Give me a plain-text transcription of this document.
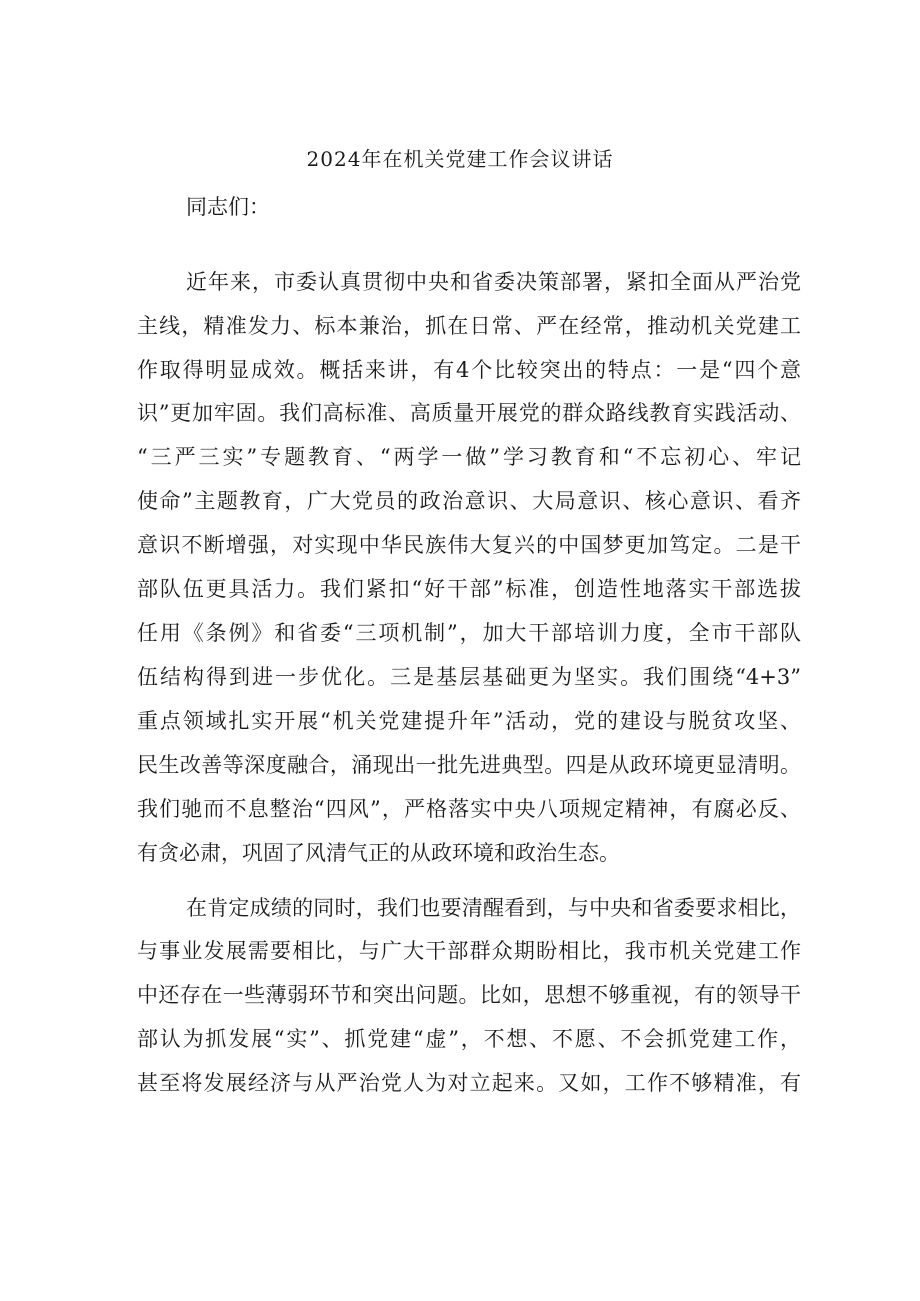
2024年在机关党建工作会议讲话
同志们：
近年来，市委认真贯彻中央和省委决策部署，紧扣全面从严治党
主线，精准发力、标本兼治，抓在日常、严在经常，推动机关党建工
作取得明显成效。概括来讲，有4个比较突出的特点：一是“四个意
识”更加牢固。我们高标准、高质量开展党的群众路线教育实践活动、
“三严三实”专题教育、“两学一做”学习教育和“不忘初心、牢记
使命”主题教育，广大党员的政治意识、大局意识、核心意识、看齐
意识不断增强，对实现中华民族伟大复兴的中国梦更加笃定。二是干
部队伍更具活力。我们紧扣“好干部”标准，创造性地落实干部选拔
任用《条例》和省委“三项机制”，加大干部培训力度，全市干部队
伍结构得到进一步优化。三是基层基础更为坚实。我们围绕“4+3”
重点领域扎实开展“机关党建提升年”活动，党的建设与脱贫攻坚、
民生改善等深度融合，涌现出一批先进典型。四是从政环境更显清明。
我们驰而不息整治“四风”，严格落实中央八项规定精神，有腐必反、
有贪必肃，巩固了风清气正的从政环境和政治生态。
在肯定成绩的同时，我们也要清醒看到，与中央和省委要求相比，
与事业发展需要相比，与广大干部群众期盼相比，我市机关党建工作
中还存在一些薄弱环节和突出问题。比如，思想不够重视，有的领导干
部认为抓发展“实”、抓党建“虚”，不想、不愿、不会抓党建工作，
甚至将发展经济与从严治党人为对立起来。又如，工作不够精准，有
